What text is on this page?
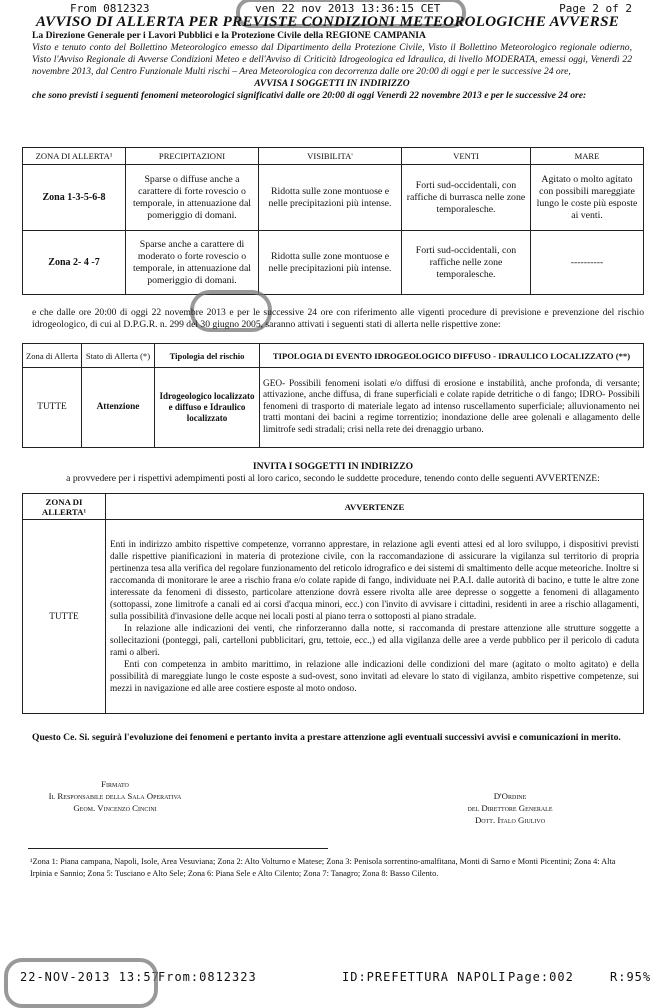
From 0812323	ven 22 nov 2013 13:36:15 CET	Page 2 of 2
AVVISO DI ALLERTA PER PREVISTE CONDIZIONI METEOROLOGICHE AVVERSE
La Direzione Generale per i Lavori Pubblici e la Protezione Civile della REGIONE CAMPANIA
Visto e tenuto conto del Bollettino Meteorologico emesso dal Dipartimento della Protezione Civile, Visto il Bollettino Meteorologico regionale odierno, Visto l'Avviso Regionale di Avverse Condizioni Meteo e dell'Avviso di Criticità Idrogeologica ed Idraulica, di livello MODERATA, emessi oggi, Venerdì 22 novembre 2013, dal Centro Funzionale Multi rischi – Area Meteorologica con decorrenza dalle ore 20:00 di oggi e per le successive 24 ore,
AVVISA I SOGGETTI IN INDIRIZZO
che sono previsti i seguenti fenomeni meteorologici significativi dalle ore 20:00 di oggi Venerdì 22 novembre 2013 e per le successive 24 ore:
ZONA DI ALLERTA¹	PRECIPITAZIONI	VISIBILITA'	VENTI	MARE
Zona 1-3-5-6-8	Sparse o diffuse anche a carattere di forte rovescio o temporale, in attenuazione dal pomeriggio di domani.	Ridotta sulle zone montuose e nelle precipitazioni più intense.	Forti sud-occidentali, con raffiche di burrasca nelle zone temporalesche.	Agitato o molto agitato con possibili mareggiate lungo le coste più esposte ai venti.
Zona 2- 4 -7	Sparse anche a carattere di moderato o forte rovescio o temporale, in attenuazione dal pomeriggio di domani.	Ridotta sulle zone montuose e nelle precipitazioni più intense.	Forti sud-occidentali, con raffiche nelle zone temporalesche.	----------
e che dalle ore 20:00 di oggi 22 novembre 2013 e per le successive 24 ore con riferimento alle vigenti procedure di previsione e prevenzione del rischio idrogeologico, di cui al D.P.G.R. n. 299 del 30 giugno 2005, saranno attivati i seguenti stati di allerta nelle rispettive zone:
Zona di Allerta	Stato di Allerta (*)	Tipologia del rischio	TIPOLOGIA DI EVENTO IDROGEOLOGICO DIFFUSO - IDRAULICO LOCALIZZATO (**)
TUTTE	Attenzione	Idrogeologico localizzato e diffuso e Idraulico localizzato	GEO- Possibili fenomeni isolati e/o diffusi di erosione e instabilità, anche profonda, di versante; attivazione, anche diffusa, di frane superficiali e colate rapide detritiche o di fango; IDRO- Possibili fenomeni di trasporto di materiale legato ad intenso ruscellamento superficiale; alluvionamento nei tratti montani dei bacini a regime torrentizio; inondazione delle aree golenali e allagamento delle limitrofe sedi stradali; crisi nella rete dei drenaggio urbano.
INVITA I SOGGETTI IN INDIRIZZO
a provvedere per i rispettivi adempimenti posti al loro carico, secondo le suddette procedure, tenendo conto delle seguenti AVVERTENZE:
ZONA DI ALLERTA¹	AVVERTENZE
TUTTE	Enti in indirizzo ambito rispettive competenze, vorranno apprestare, in relazione agli eventi attesi ed al loro sviluppo, i dispositivi previsti dalle rispettive pianificazioni in materia di protezione civile, con la raccomandazione di assicurare la vigilanza sul territorio di propria pertinenza tesa alla verifica del regolare funzionamento del reticolo idrografico e dei sistemi di smaltimento delle acque meteoriche. Inoltre si raccomanda di monitorare le aree a rischio frana e/o colate rapide di fango, individuate nei P.A.I. dalle autorità di bacino, e tutte le altre zone interessate da fenomeni di dissesto, particolare attenzione dovrà essere rivolta alle aree depresse o soggette a fenomeni di allagamento (sottopassi, zone limitrofe a canali ed ai corsi d'acqua minori, ecc.) con l'invito di avvisare i cittadini, residenti in aree a rischio allagamenti, sulla possibilità d'invasione delle acque nei locali posti al piano terra o sottoposti al piano stradale.
In relazione alle indicazioni dei venti, che rinforzeranno dalla notte, si raccomanda di prestare attenzione alle strutture soggette a sollecitazioni (ponteggi, pali, cartelloni pubblicitari, gru, tettoie, ecc.,) ed alla vigilanza delle aree a verde pubblico per il pericolo di caduta rami o alberi.
Enti con competenza in ambito marittimo, in relazione alle indicazioni delle condizioni del mare (agitato o molto agitato) e della possibilità di mareggiate lungo le coste esposte a sud-ovest, sono invitati ad elevare lo stato di vigilanza, ambito rispettive competenze, sui mezzi in navigazione ed alle aree costiere esposte al moto ondoso.
Questo Ce. Si. seguirà l'evoluzione dei fenomeni e pertanto invita a prestare attenzione agli eventuali successivi avvisi e comunicazioni in merito.
Firmato
Il Responsabile della Sala Operativa
Geom. Vincenzo Cincini
D'Ordine
del Direttore Generale
Dott. Italo Giulivo
¹Zona 1: Piana campana, Napoli, Isole, Area Vesuviana; Zona 2: Alto Volturno e Matese; Zona 3: Penisola sorrentino-amalfitana, Monti di Sarno e Monti Picentini; Zona 4: Alta Irpinia e Sannio; Zona 5: Tusciano e Alto Sele; Zona 6: Piana Sele e Alto Cilento; Zona 7: Tanagro; Zona 8: Basso Cilento.
22-NOV-2013 13:57
From:0812323	ID:PREFETTURA NAPOLI Page:002	R:95%
